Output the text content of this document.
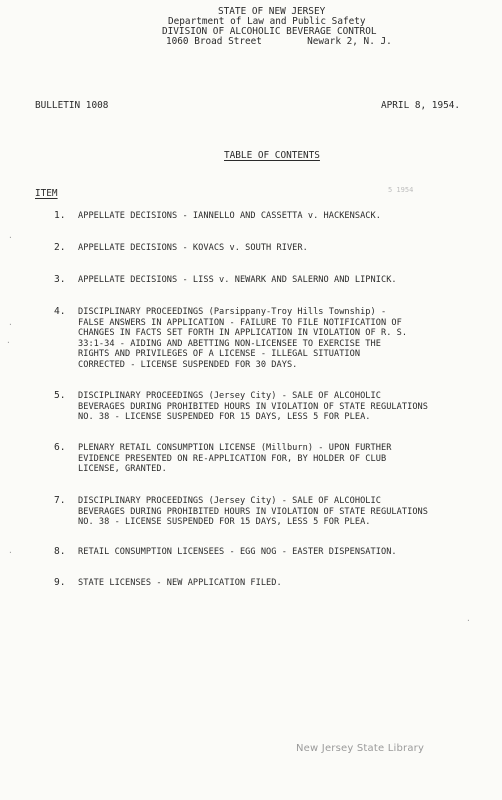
STATE OF NEW JERSEY
Department of Law and Public Safety
DIVISION OF ALCOHOLIC BEVERAGE CONTROL
1060 Broad Street        Newark 2, N. J.
BULLETIN 1008	APRIL 8, 1954.
TABLE OF CONTENTS
ITEM	5 1954
1. APPELLATE DECISIONS - IANNELLO AND CASSETTA v. HACKENSACK.
2. APPELLATE DECISIONS - KOVACS v. SOUTH RIVER.
3. APPELLATE DECISIONS - LISS v. NEWARK AND SALERNO AND LIPNICK.
4. DISCIPLINARY PROCEEDINGS (Parsippany-Troy Hills Township) -
FALSE ANSWERS IN APPLICATION - FAILURE TO FILE NOTIFICATION OF
CHANGES IN FACTS SET FORTH IN APPLICATION IN VIOLATION OF R. S.
33:1-34 - AIDING AND ABETTING NON-LICENSEE TO EXERCISE THE
RIGHTS AND PRIVILEGES OF A LICENSE - ILLEGAL SITUATION
CORRECTED - LICENSE SUSPENDED FOR 30 DAYS.
5. DISCIPLINARY PROCEEDINGS (Jersey City) - SALE OF ALCOHOLIC
BEVERAGES DURING PROHIBITED HOURS IN VIOLATION OF STATE REGULATIONS
NO. 38 - LICENSE SUSPENDED FOR 15 DAYS, LESS 5 FOR PLEA.
6. PLENARY RETAIL CONSUMPTION LICENSE (Millburn) - UPON FURTHER
EVIDENCE PRESENTED ON RE-APPLICATION FOR, BY HOLDER OF CLUB
LICENSE, GRANTED.
7. DISCIPLINARY PROCEEDINGS (Jersey City) - SALE OF ALCOHOLIC
BEVERAGES DURING PROHIBITED HOURS IN VIOLATION OF STATE REGULATIONS
NO. 38 - LICENSE SUSPENDED FOR 15 DAYS, LESS 5 FOR PLEA.
8. RETAIL CONSUMPTION LICENSEES - EGG NOG - EASTER DISPENSATION.
9. STATE LICENSES - NEW APPLICATION FILED.
·
·
·
·
·
New Jersey State Library
